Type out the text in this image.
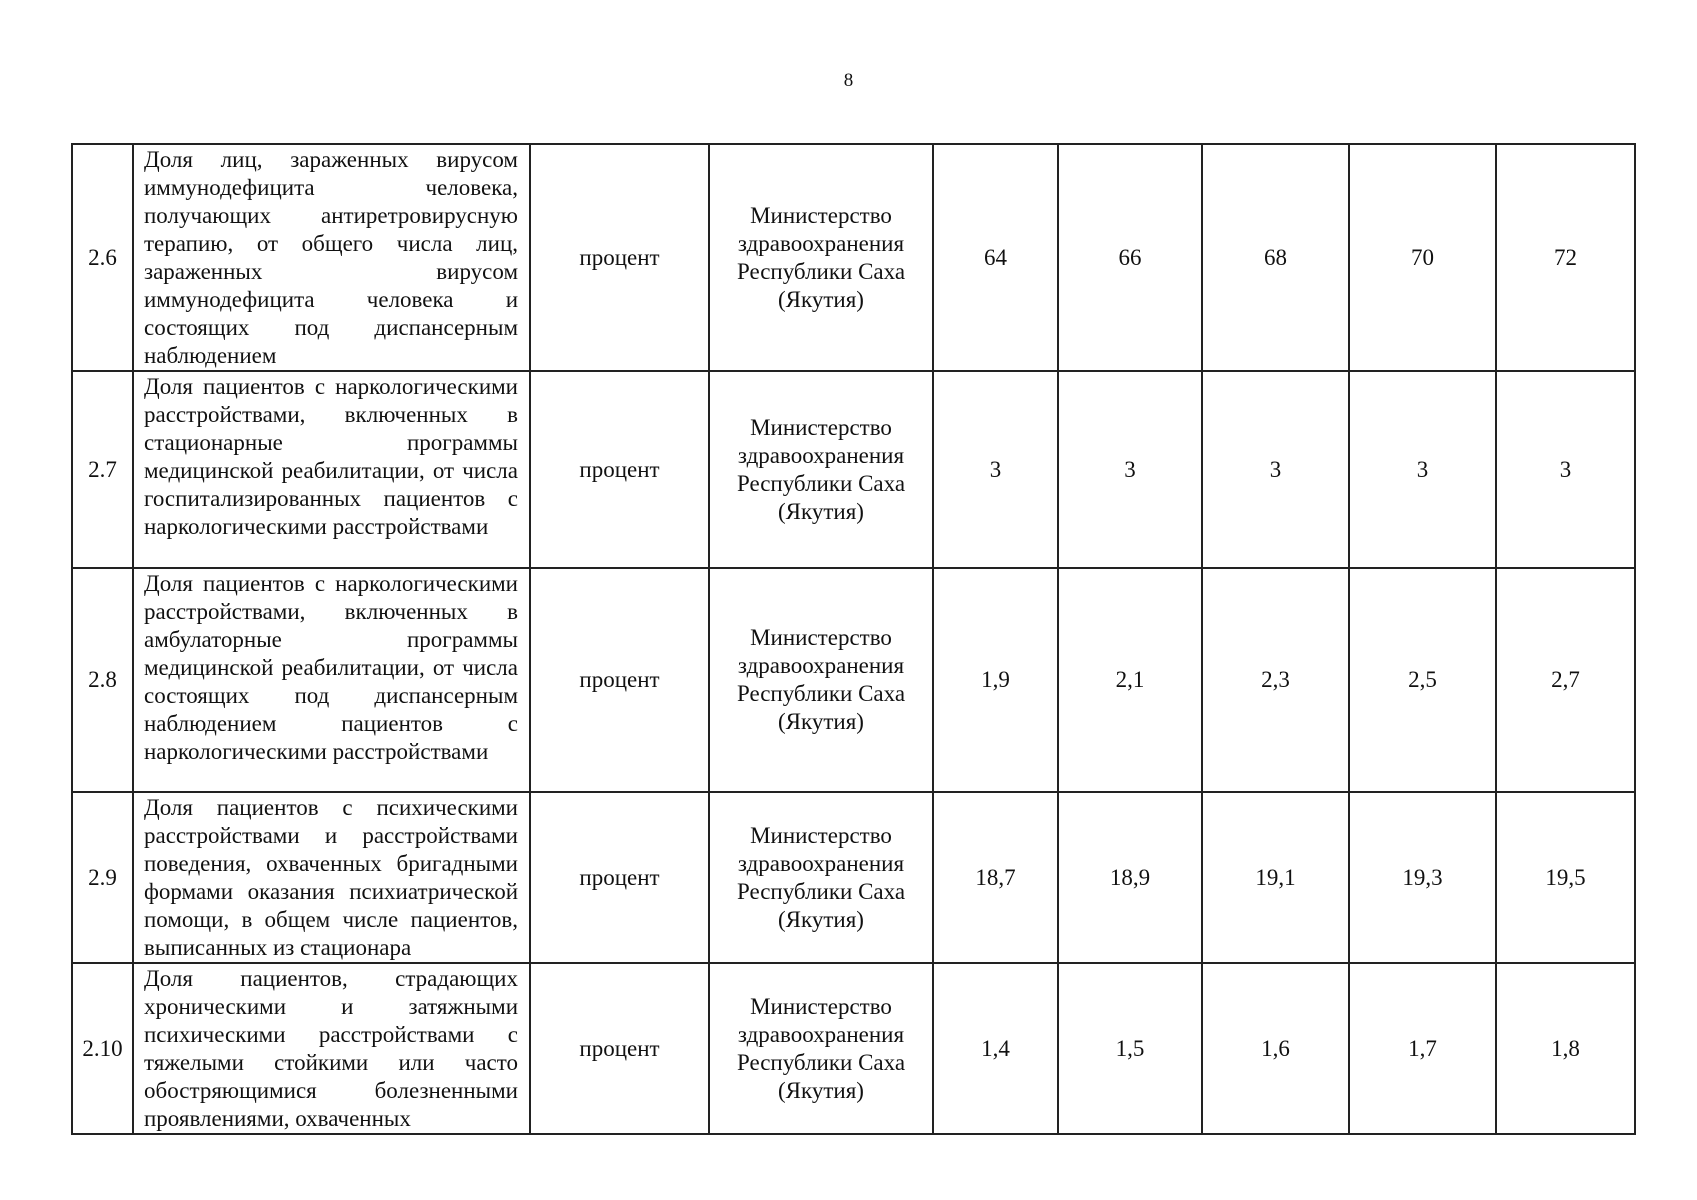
8
2.6	Доля лиц, зараженных вирусом иммунодефицита человека, получающих антиретровирусную терапию, от общего числа лиц, зараженных вирусом иммунодефицита человека и состоящих под диспансерным наблюдением	процент	Министерство здравоохранения Республики Саха (Якутия)	64	66	68	70	72
2.7	Доля пациентов с наркологическими расстройствами, включенных в стационарные программы медицинской реабилитации, от числа госпитализированных пациентов с наркологическими расстройствами	процент	Министерство здравоохранения Республики Саха (Якутия)	3	3	3	3	3
2.8	Доля пациентов с наркологическими расстройствами, включенных в амбулаторные программы медицинской реабилитации, от числа состоящих под диспансерным наблюдением пациентов с наркологическими расстройствами	процент	Министерство здравоохранения Республики Саха (Якутия)	1,9	2,1	2,3	2,5	2,7
2.9	Доля пациентов с психическими расстройствами и расстройствами поведения, охваченных бригадными формами оказания психиатрической помощи, в общем числе пациентов, выписанных из стационара	процент	Министерство здравоохранения Республики Саха (Якутия)	18,7	18,9	19,1	19,3	19,5
2.10	Доля пациентов, страдающих хроническими и затяжными психическими расстройствами с тяжелыми стойкими или часто обостряющимися болезненными проявлениями, охваченных	процент	Министерство здравоохранения Республики Саха (Якутия)	1,4	1,5	1,6	1,7	1,8
